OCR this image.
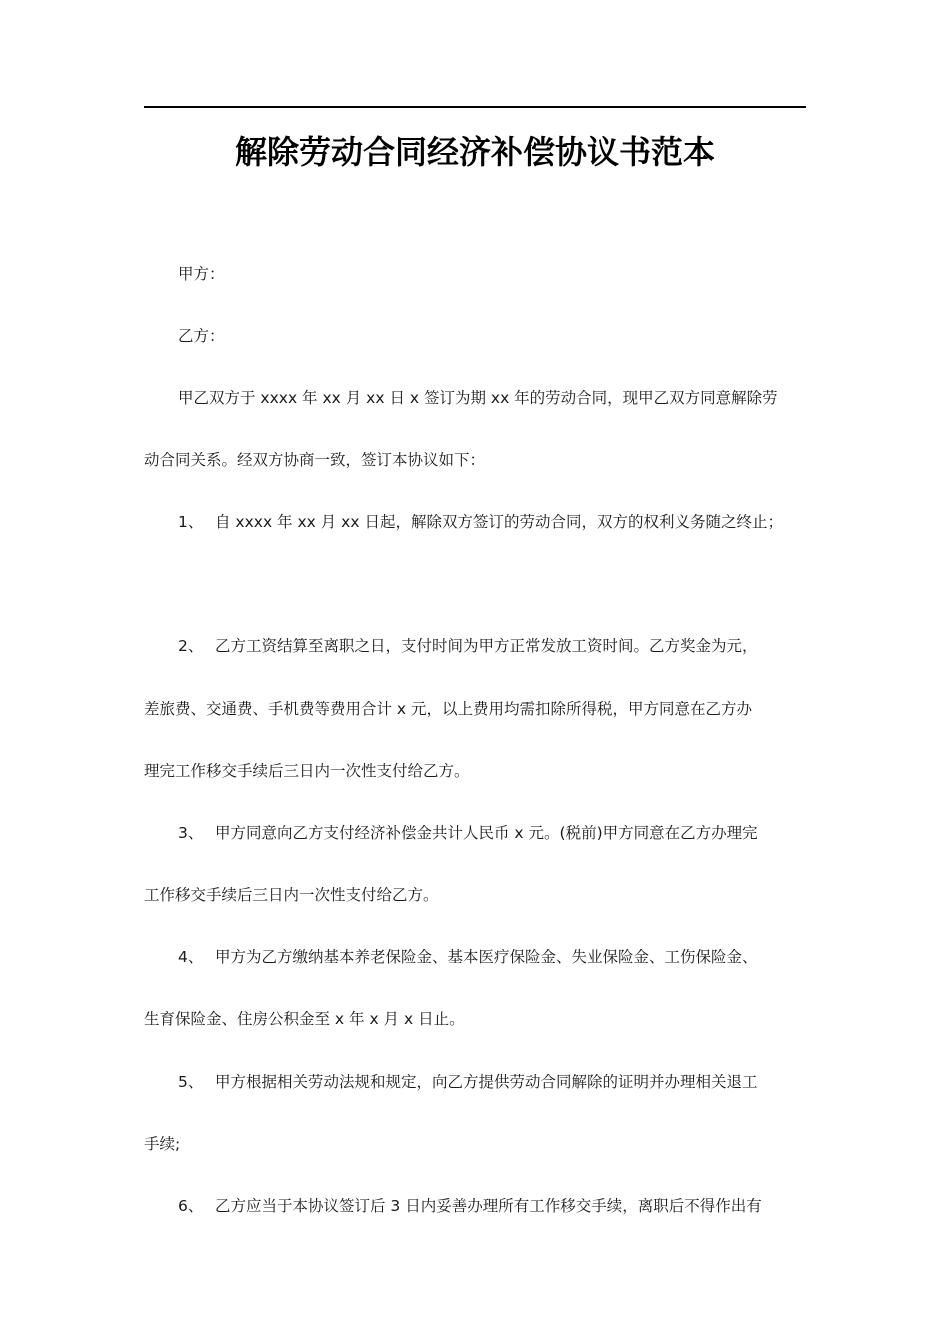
解除劳动合同经济补偿协议书范本
甲方：
乙方：
甲乙双方于 xxxx 年 xx 月 xx 日 x 签订为期 xx 年的劳动合同，现甲乙双方同意解除劳
动合同关系。经双方协商一致，签订本协议如下：
1、 自 xxxx 年 xx 月 xx 日起，解除双方签订的劳动合同，双方的权利义务随之终止；
2、 乙方工资结算至离职之日，支付时间为甲方正常发放工资时间。乙方奖金为元，
差旅费、交通费、手机费等费用合计 x 元，以上费用均需扣除所得税，甲方同意在乙方办
理完工作移交手续后三日内一次性支付给乙方。
3、 甲方同意向乙方支付经济补偿金共计人民币 x 元。(税前)甲方同意在乙方办理完
工作移交手续后三日内一次性支付给乙方。
4、 甲方为乙方缴纳基本养老保险金、基本医疗保险金、失业保险金、工伤保险金、
生育保险金、住房公积金至 x 年 x 月 x 日止。
5、 甲方根据相关劳动法规和规定，向乙方提供劳动合同解除的证明并办理相关退工
手续;
6、 乙方应当于本协议签订后 3 日内妥善办理所有工作移交手续，离职后不得作出有
